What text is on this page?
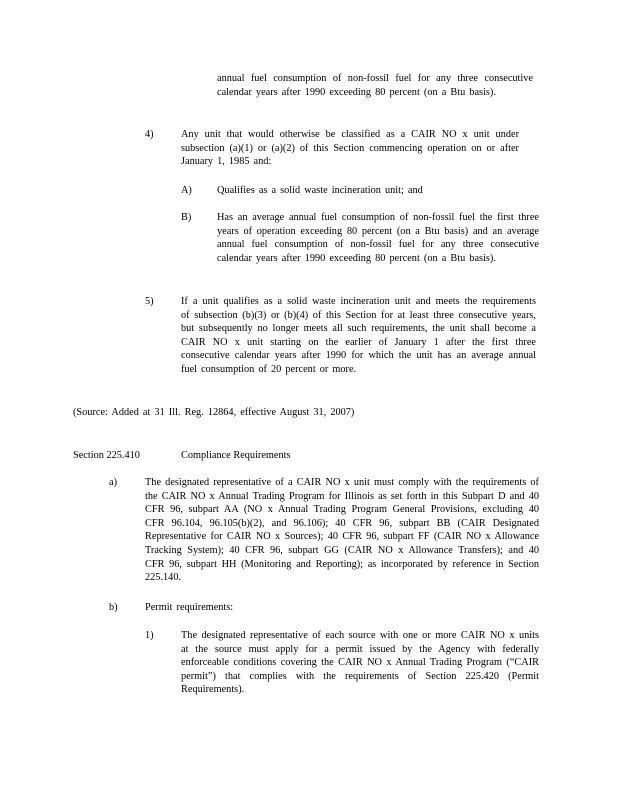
annual fuel consumption of non-fossil fuel for any three consecutive calendar years after 1990 exceeding 80 percent (on a Btu basis).
4)	Any unit that would otherwise be classified as a CAIR NO x unit under subsection (a)(1) or (a)(2) of this Section commencing operation on or after January 1, 1985 and:
A) Qualifies as a solid waste incineration unit; and
B) Has an average annual fuel consumption of non-fossil fuel the first three years of operation exceeding 80 percent (on a Btu basis) and an average annual fuel consumption of non-fossil fuel for any three consecutive calendar years after 1990 exceeding 80 percent (on a Btu basis).
5)	If a unit qualifies as a solid waste incineration unit and meets the requirements of subsection (b)(3) or (b)(4) of this Section for at least three consecutive years, but subsequently no longer meets all such requirements, the unit shall become a CAIR NO x unit starting on the earlier of January 1 after the first three consecutive calendar years after 1990 for which the unit has an average annual fuel consumption of 20 percent or more.
(Source: Added at 31 Ill. Reg. 12864, effective August 31, 2007)
Section 225.410	Compliance Requirements
a)	The designated representative of a CAIR NO x unit must comply with the requirements of the CAIR NO x Annual Trading Program for Illinois as set forth in this Subpart D and 40 CFR 96, subpart AA (NO x Annual Trading Program General Provisions, excluding 40 CFR 96.104, 96.105(b)(2), and 96.106); 40 CFR 96, subpart BB (CAIR Designated Representative for CAIR NO x Sources); 40 CFR 96, subpart FF (CAIR NO x Allowance Tracking System); 40 CFR 96, subpart GG (CAIR NO x Allowance Transfers); and 40 CFR 96, subpart HH (Monitoring and Reporting); as incorporated by reference in Section 225.140.
b)	Permit requirements:
1)	The designated representative of each source with one or more CAIR NO x units at the source must apply for a permit issued by the Agency with federally enforceable conditions covering the CAIR NO x Annual Trading Program (“CAIR permit”) that complies with the requirements of Section 225.420 (Permit Requirements).
